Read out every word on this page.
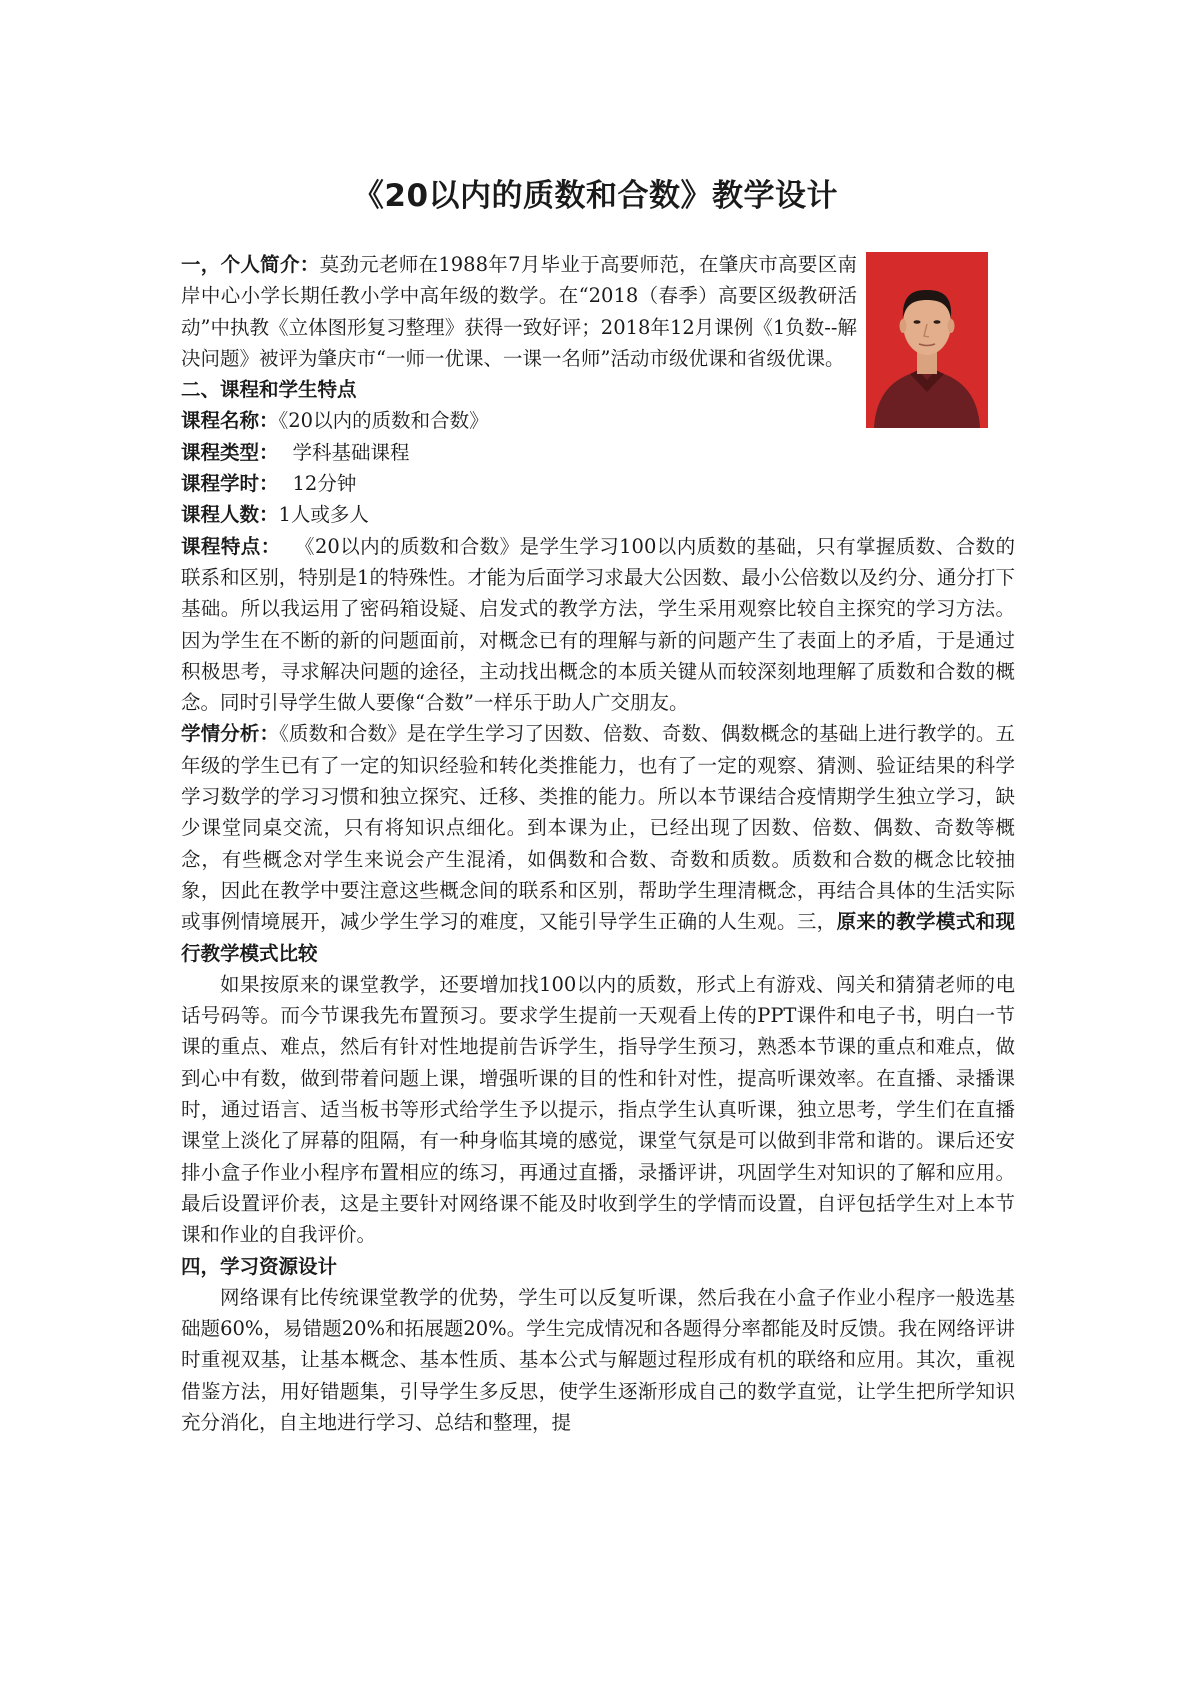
《20以内的质数和合数》教学设计

一，个人简介：莫劲元老师在1988年7月毕业于高要师范，在肇庆市高要区南岸中心小学长期任教小学中高年级的数学。在“2018（春季）高要区级教研活动”中执教《立体图形复习整理》获得一致好评；2018年12月课例《1负数--解决问题》被评为肇庆市“一师一优课、一课一名师”活动市级优课和省级优课。

二、课程和学生特点

课程名称：《20以内的质数和合数》

课程类型： 学科基础课程

课程学时： 12分钟

课程人数：1人或多人

课程特点： 《20以内的质数和合数》是学生学习100以内质数的基础，只有掌握质数、合数的联系和区别，特别是1的特殊性。才能为后面学习求最大公因数、最小公倍数以及约分、通分打下基础。所以我运用了密码箱设疑、启发式的教学方法，学生采用观察比较自主探究的学习方法。因为学生在不断的新的问题面前，对概念已有的理解与新的问题产生了表面上的矛盾，于是通过积极思考，寻求解决问题的途径，主动找出概念的本质关键从而较深刻地理解了质数和合数的概念。同时引导学生做人要像“合数”一样乐于助人广交朋友。

学情分析：《质数和合数》是在学生学习了因数、倍数、奇数、偶数概念的基础上进行教学的。五年级的学生已有了一定的知识经验和转化类推能力，也有了一定的观察、猜测、验证结果的科学学习数学的学习习惯和独立探究、迁移、类推的能力。所以本节课结合疫情期学生独立学习，缺少课堂同桌交流，只有将知识点细化。到本课为止，已经出现了因数、倍数、偶数、奇数等概念，有些概念对学生来说会产生混淆，如偶数和合数、奇数和质数。质数和合数的概念比较抽象，因此在教学中要注意这些概念间的联系和区别，帮助学生理清概念，再结合具体的生活实际或事例情境展开，减少学生学习的难度，又能引导学生正确的人生观。三，原来的教学模式和现行教学模式比较

如果按原来的课堂教学，还要增加找100以内的质数，形式上有游戏、闯关和猜猜老师的电话号码等。而今节课我先布置预习。要求学生提前一天观看上传的PPT课件和电子书，明白一节课的重点、难点，然后有针对性地提前告诉学生，指导学生预习，熟悉本节课的重点和难点，做到心中有数，做到带着问题上课，增强听课的目的性和针对性，提高听课效率。在直播、录播课时，通过语言、适当板书等形式给学生予以提示，指点学生认真听课，独立思考，学生们在直播课堂上淡化了屏幕的阻隔，有一种身临其境的感觉，课堂气氛是可以做到非常和谐的。课后还安排小盒子作业小程序布置相应的练习，再通过直播，录播评讲，巩固学生对知识的了解和应用。最后设置评价表，这是主要针对网络课不能及时收到学生的学情而设置，自评包括学生对上本节课和作业的自我评价。

四，学习资源设计

网络课有比传统课堂教学的优势，学生可以反复听课，然后我在小盒子作业小程序一般选基础题60%，易错题20%和拓展题20%。学生完成情况和各题得分率都能及时反馈。我在网络评讲时重视双基，让基本概念、基本性质、基本公式与解题过程形成有机的联络和应用。其次，重视借鉴方法，用好错题集，引导学生多反思，使学生逐渐形成自己的数学直觉，让学生把所学知识充分消化，自主地进行学习、总结和整理，提
